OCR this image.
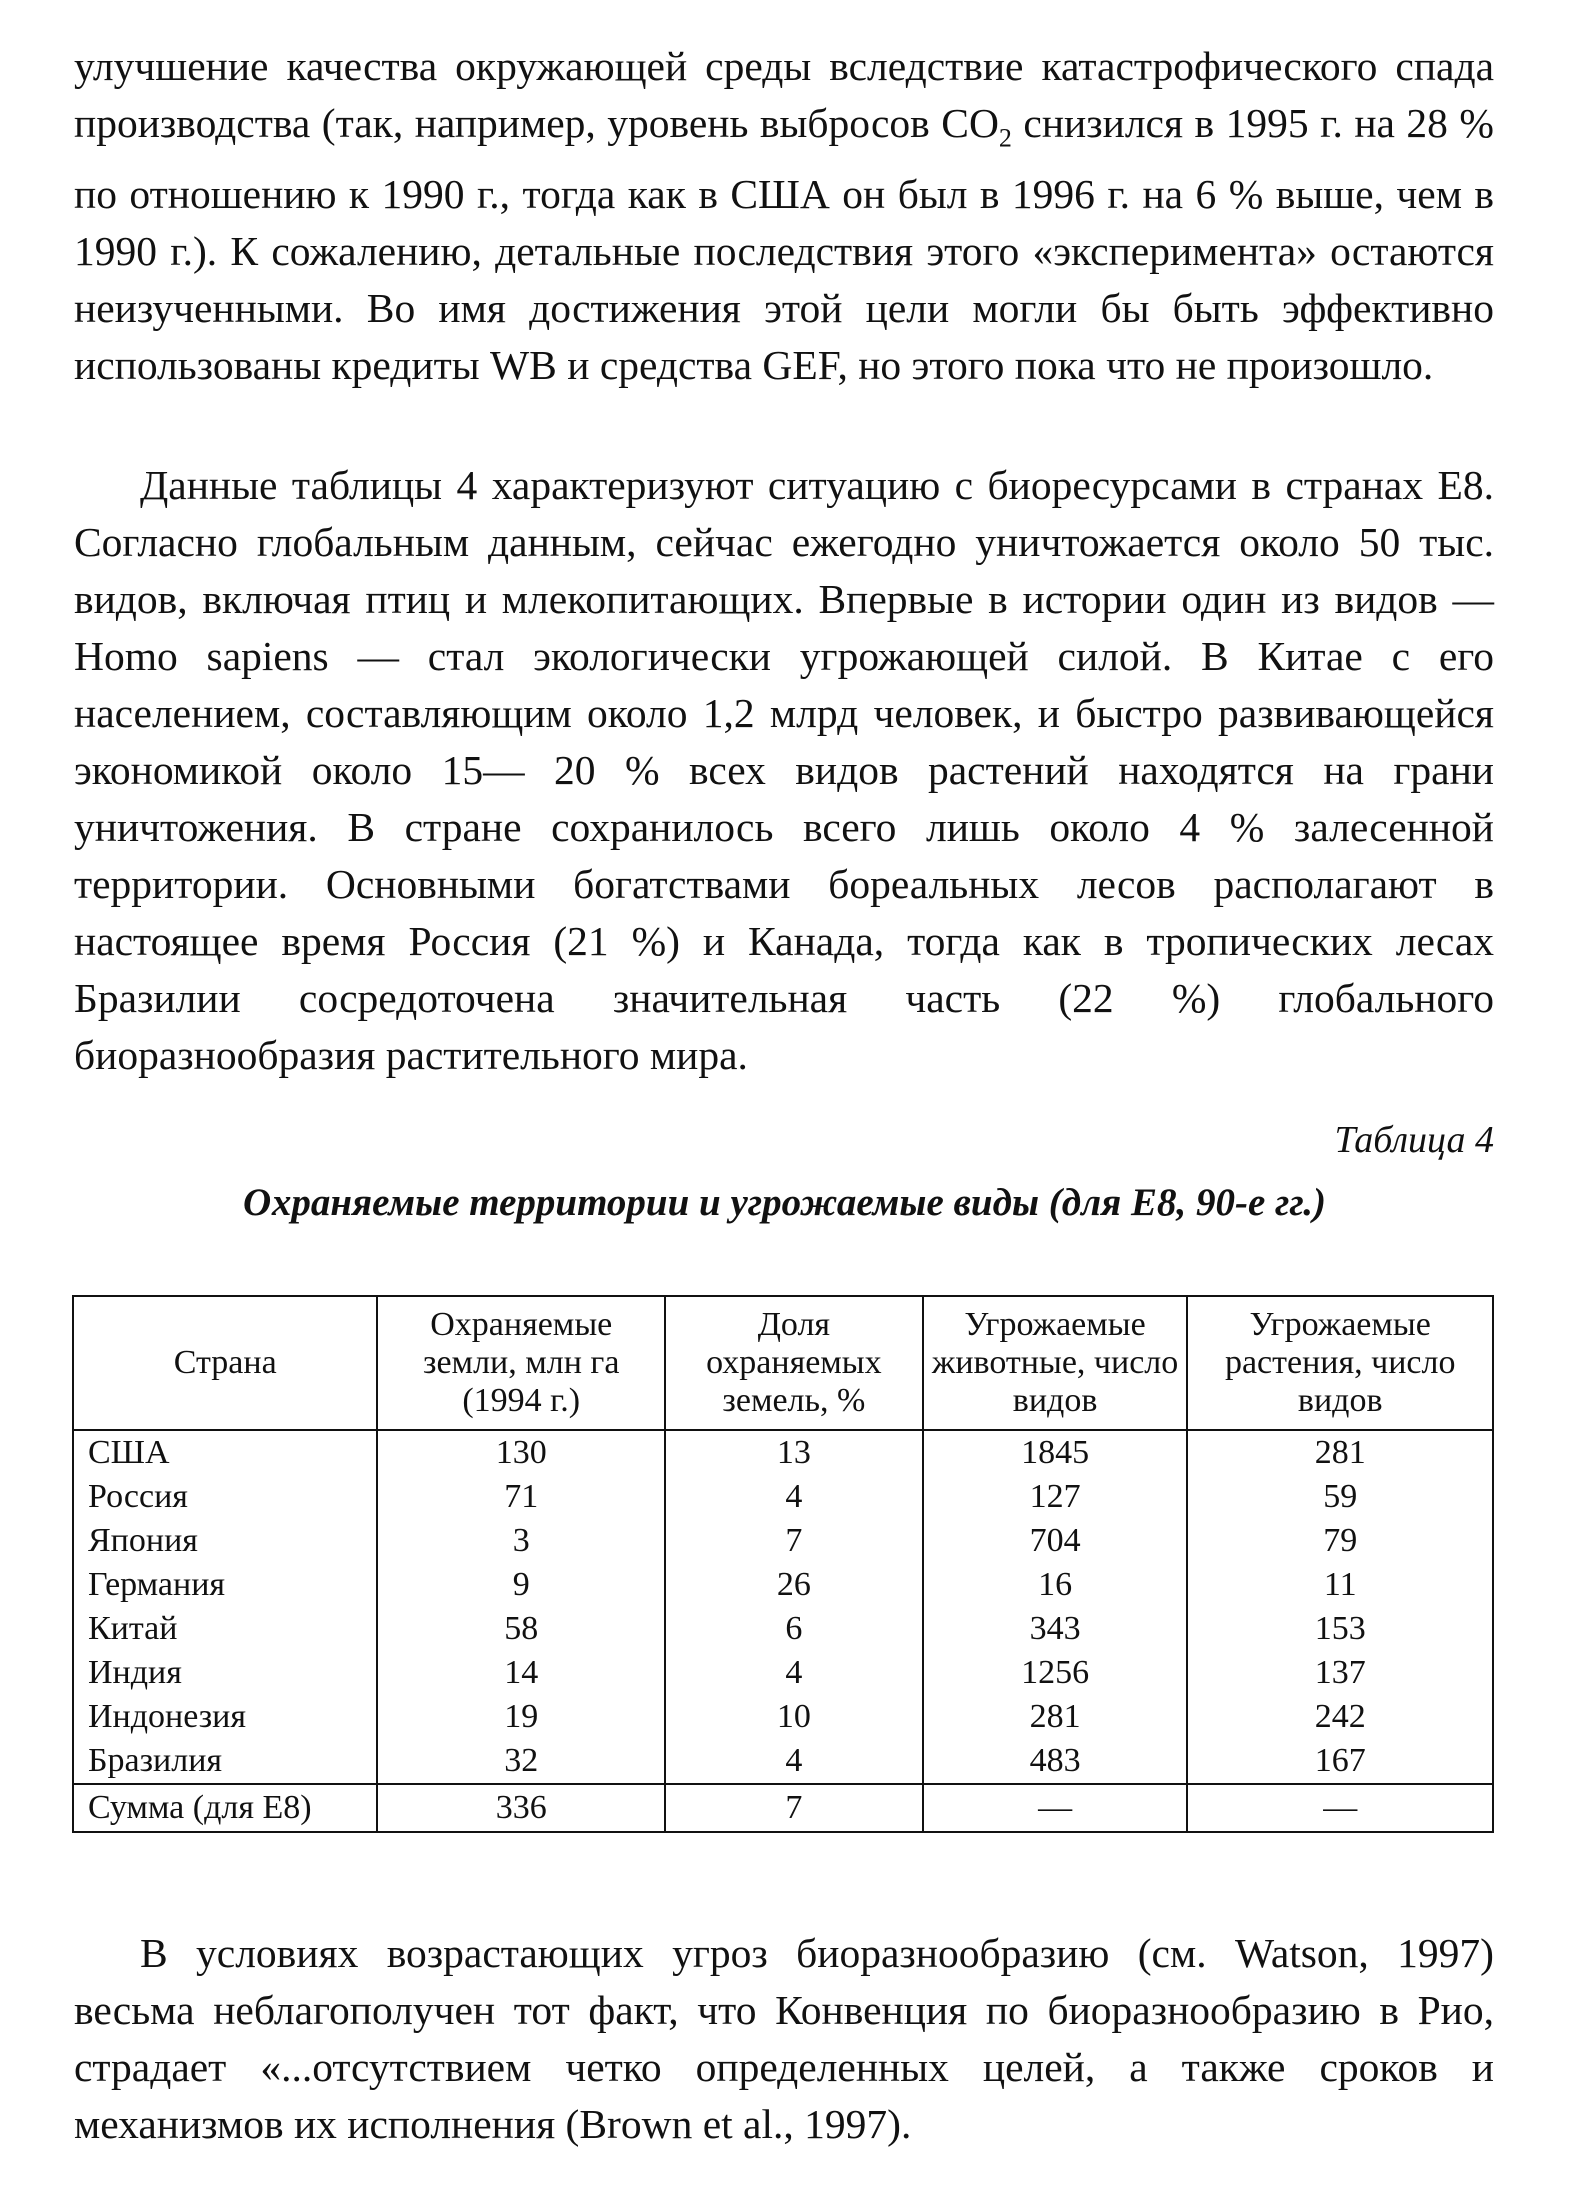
улучшение качества окружающей среды вследствие катастрофического спада производства (так, например, уровень выбросов $CO_2$ снизился в 1995 г. на 28 % по отношению к 1990 г., тогда как в США он был в 1996 г. на 6 % выше, чем в 1990 г.). К сожалению, детальные последствия этого «эксперимента» остаются неизученными. Во имя достижения этой цели могли бы быть эффективно использованы кредиты WB и средства GEF, но этого пока что не произошло.

Данные таблицы 4 характеризуют ситуацию с биоресурсами в странах E8. Согласно глобальным данным, сейчас ежегодно уничтожается около 50 тыс. видов, включая птиц и млекопитающих. Впервые в истории один из видов — Homo sapiens — стал экологически угрожающей силой. В Китае с его населением, составляющим около 1,2 млрд человек, и быстро развивающейся экономикой около 15— 20 % всех видов растений находятся на грани уничтожения. В стране сохранилось всего лишь около 4 % залесенной территории. Основными богатствами бореальных лесов располагают в настоящее время Россия (21 %) и Канада, тогда как в тропических лесах Бразилии сосредоточена значительная часть (22 %) глобального биоразнообразия растительного мира.

Таблица 4
Охраняемые территории и угрожаемые виды (для E8, 90-е гг.)
Страна	Охраняемые земли, млн га (1994 г.)	Доля охраняемых земель, %	Угрожаемые животные, число видов	Угрожаемые растения, число видов
США	130	13	1845	281
Россия	71	4	127	59
Япония	3	7	704	79
Германия	9	26	16	11
Китай	58	6	343	153
Индия	14	4	1256	137
Индонезия	19	10	281	242
Бразилия	32	4	483	167
Сумма (для E8)	336	7	—	—

В условиях возрастающих угроз биоразнообразию (см. Watson, 1997) весьма неблагополучен тот факт, что Конвенция по биоразнообразию в Рио, страдает «...отсутствием четко определенных целей, а также сроков и механизмов их исполнения (Brown et al., 1997).
